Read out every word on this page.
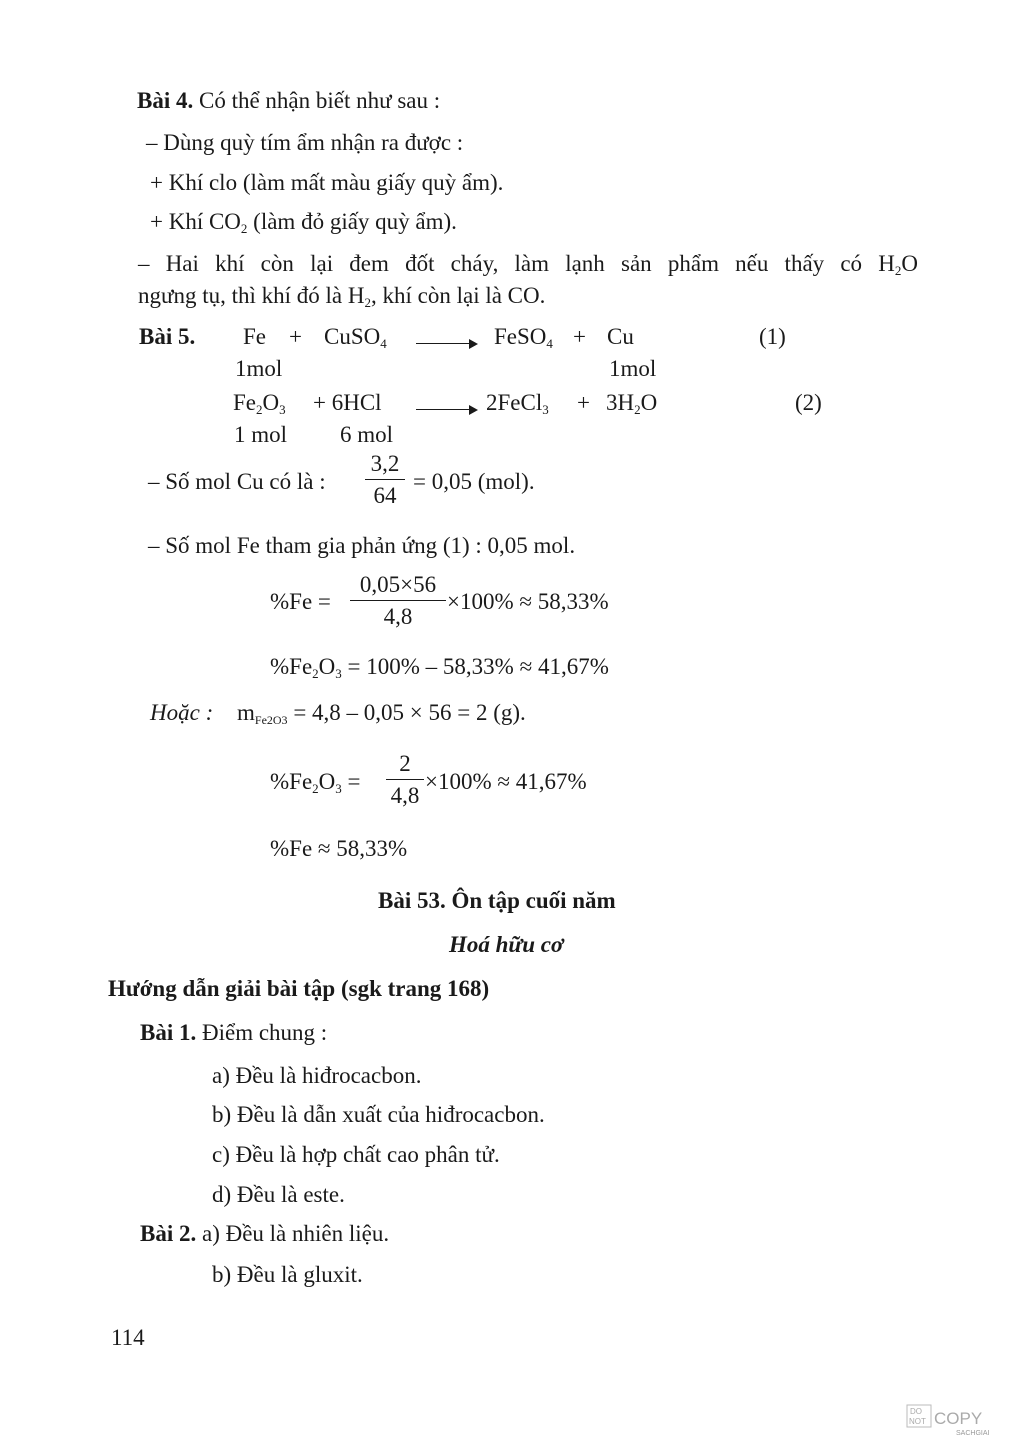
Bài 4. Có thể nhận biết như sau :
– Dùng quỳ tím ẩm nhận ra được :
+ Khí clo (làm mất màu giấy quỳ ẩm).
+ Khí $CO_2$ (làm đỏ giấy quỳ ẩm).
– Hai khí còn lại đem đốt cháy, làm lạnh sản phẩm nếu thấy có $H_2O$
ngưng tụ, thì khí đó là $H_2$, khí còn lại là CO.
Bài 5. Fe + CuSO$_4$	FeSO$_4$ + Cu	(1)
1mol	1mol
$Fe_2O_3 + 6HCl$	2FeCl$_3$ + $3H_2O$	(2)
1 mol 6 mol
– Số mol Cu có là :
3,2
64
= 0,05 (mol).
– Số mol Fe tham gia phản ứng (1) : 0,05 mol.
%Fe =
0,05×56
4,8
×100% ≈ 58,33%
$\%Fe_2O_3 = 100\% - 58,33\% \approx 41,67\%$
Hoặc : $m_{Fe2O3} = 4,8 - 0,05 \times 56 = 2$ (g).
$\%Fe_2O_3$ =
2
4,8
×100% ≈ 41,67%
%Fe ≈ 58,33%
Bài 53. Ôn tập cuối năm
Hoá hữu cơ
Hướng dẫn giải bài tập (sgk trang 168)
Bài 1. Điểm chung :
a) Đều là hiđrocacbon.
b) Đều là dẫn xuất của hiđrocacbon.
c) Đều là hợp chất cao phân tử.
d) Đều là este.
Bài 2. a) Đều là nhiên liệu.
b) Đều là gluxit.
114
DO
NOT COPY
SACHGIAI
